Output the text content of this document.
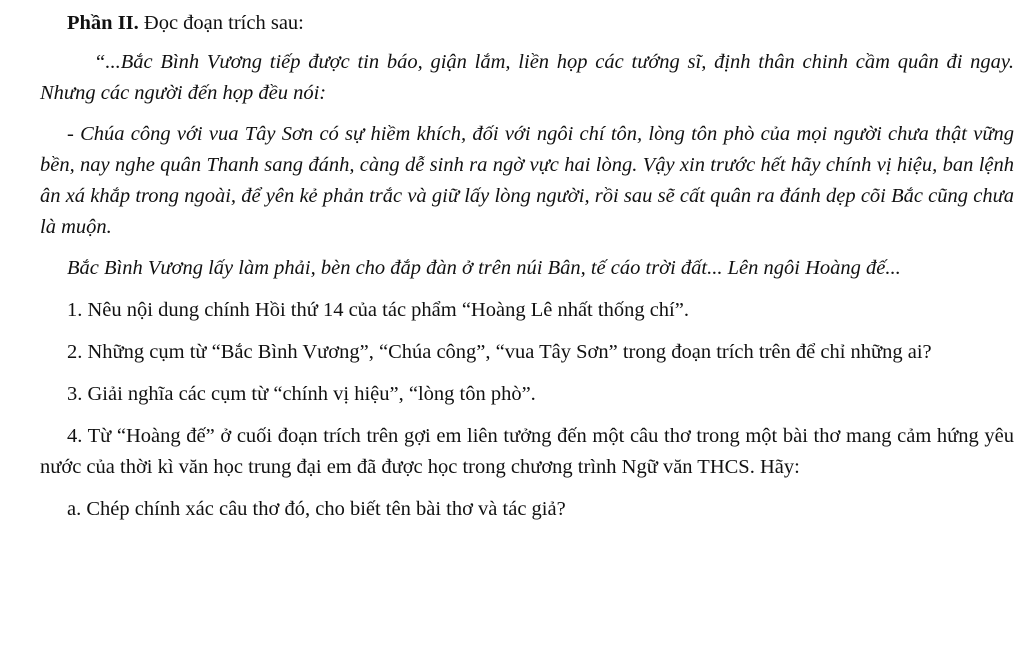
Phần II. Đọc đoạn trích sau:

“...Bắc Bình Vương tiếp được tin báo, giận lắm, liền họp các tướng sĩ, định thân chinh cầm quân đi ngay. Nhưng các người đến họp đều nói:

- Chúa công với vua Tây Sơn có sự hiềm khích, đối với ngôi chí tôn, lòng tôn phò của mọi người chưa thật vững bền, nay nghe quân Thanh sang đánh, càng dễ sinh ra ngờ vực hai lòng. Vậy xin trước hết hãy chính vị hiệu, ban lệnh ân xá khắp trong ngoài, để yên kẻ phản trắc và giữ lấy lòng người, rồi sau sẽ cất quân ra đánh dẹp cõi Bắc cũng chưa là muộn.

Bắc Bình Vương lấy làm phải, bèn cho đắp đàn ở trên núi Bân, tế cáo trời đất... Lên ngôi Hoàng đế...

1. Nêu nội dung chính Hồi thứ 14 của tác phẩm “Hoàng Lê nhất thống chí”.

2. Những cụm từ “Bắc Bình Vương”, “Chúa công”, “vua Tây Sơn” trong đoạn trích trên để chỉ những ai?

3. Giải nghĩa các cụm từ “chính vị hiệu”, “lòng tôn phò”.

4. Từ “Hoàng đế” ở cuối đoạn trích trên gợi em liên tưởng đến một câu thơ trong một bài thơ mang cảm hứng yêu nước của thời kì văn học trung đại em đã được học trong chương trình Ngữ văn THCS. Hãy:

a. Chép chính xác câu thơ đó, cho biết tên bài thơ và tác giả?
